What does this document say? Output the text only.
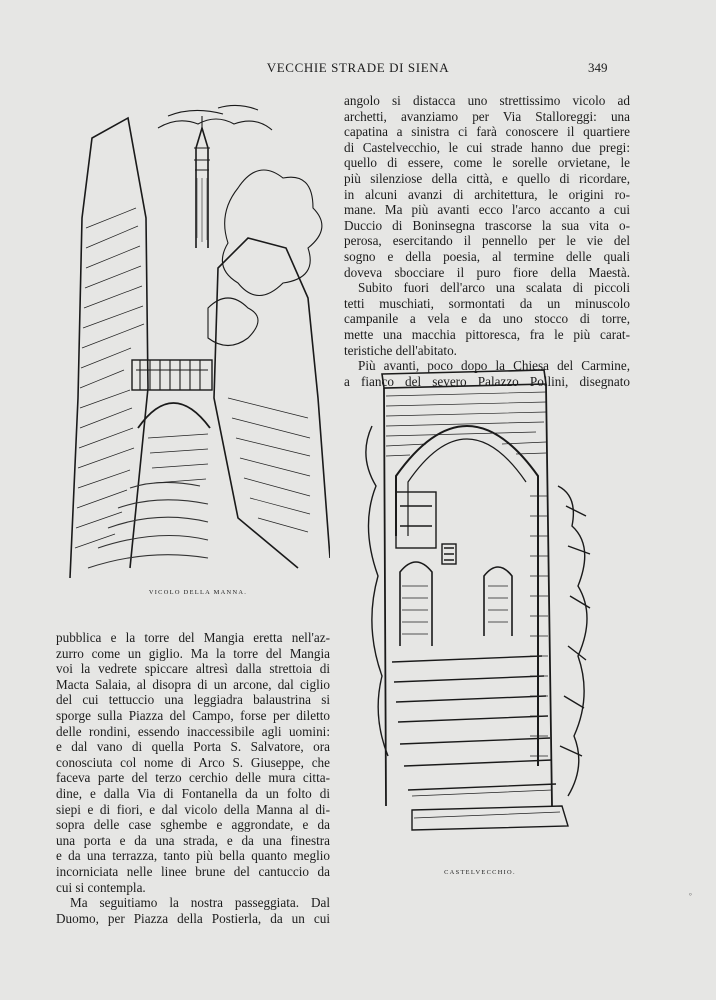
VECCHIE STRADE DI SIENA	349
VICOLO DELLA MANNA.
angolo si distacca uno strettissimo vicolo ad
archetti, avanziamo per Via Stalloreggi: una
capatina a sinistra ci farà conoscere il quartiere
di Castelvecchio, le cui strade hanno due pregi:
quello di essere, come le sorelle orvietane, le
più silenziose della città, e quello di ricordare,
in alcuni avanzi di architettura, le origini ro-
mane. Ma più avanti ecco l'arco accanto a cui
Duccio di Boninsegna trascorse la sua vita o-
perosa, esercitando il pennello per le vie del
sogno e della poesia, al termine delle quali
doveva sbocciare il puro fiore della Maestà.
Subito fuori dell'arco una scalata di piccoli
tetti muschiati, sormontati da un minuscolo
campanile a vela e da uno stocco di torre,
mette una macchia pittoresca, fra le più carat-
teristiche dell'abitato.
Più avanti, poco dopo la Chiesa del Carmine,
a fianco del severo Palazzo Pollini, disegnato
CASTELVECCHIO.
pubblica e la torre del Mangia eretta nell'az-
zurro come un giglio. Ma la torre del Mangia
voi la vedrete spiccare altresì dalla strettoia di
Macta Salaia, al disopra di un arcone, dal ciglio
del cui tettuccio una leggiadra balaustrina si
sporge sulla Piazza del Campo, forse per diletto
delle rondini, essendo inaccessibile agli uomini:
e dal vano di quella Porta S. Salvatore, ora
conosciuta col nome di Arco S. Giuseppe, che
faceva parte del terzo cerchio delle mura citta-
dine, e dalla Via di Fontanella da un folto di
siepi e di fiori, e dal vicolo della Manna al di-
sopra delle case sghembe e aggrondate, e da
una porta e da una strada, e da una finestra
e da una terrazza, tanto più bella quanto meglio
incorniciata nelle linee brune del cantuccio da
cui si contempla.
Ma seguitiamo la nostra passeggiata. Dal
Duomo, per Piazza della Postierla, da un cui
°
